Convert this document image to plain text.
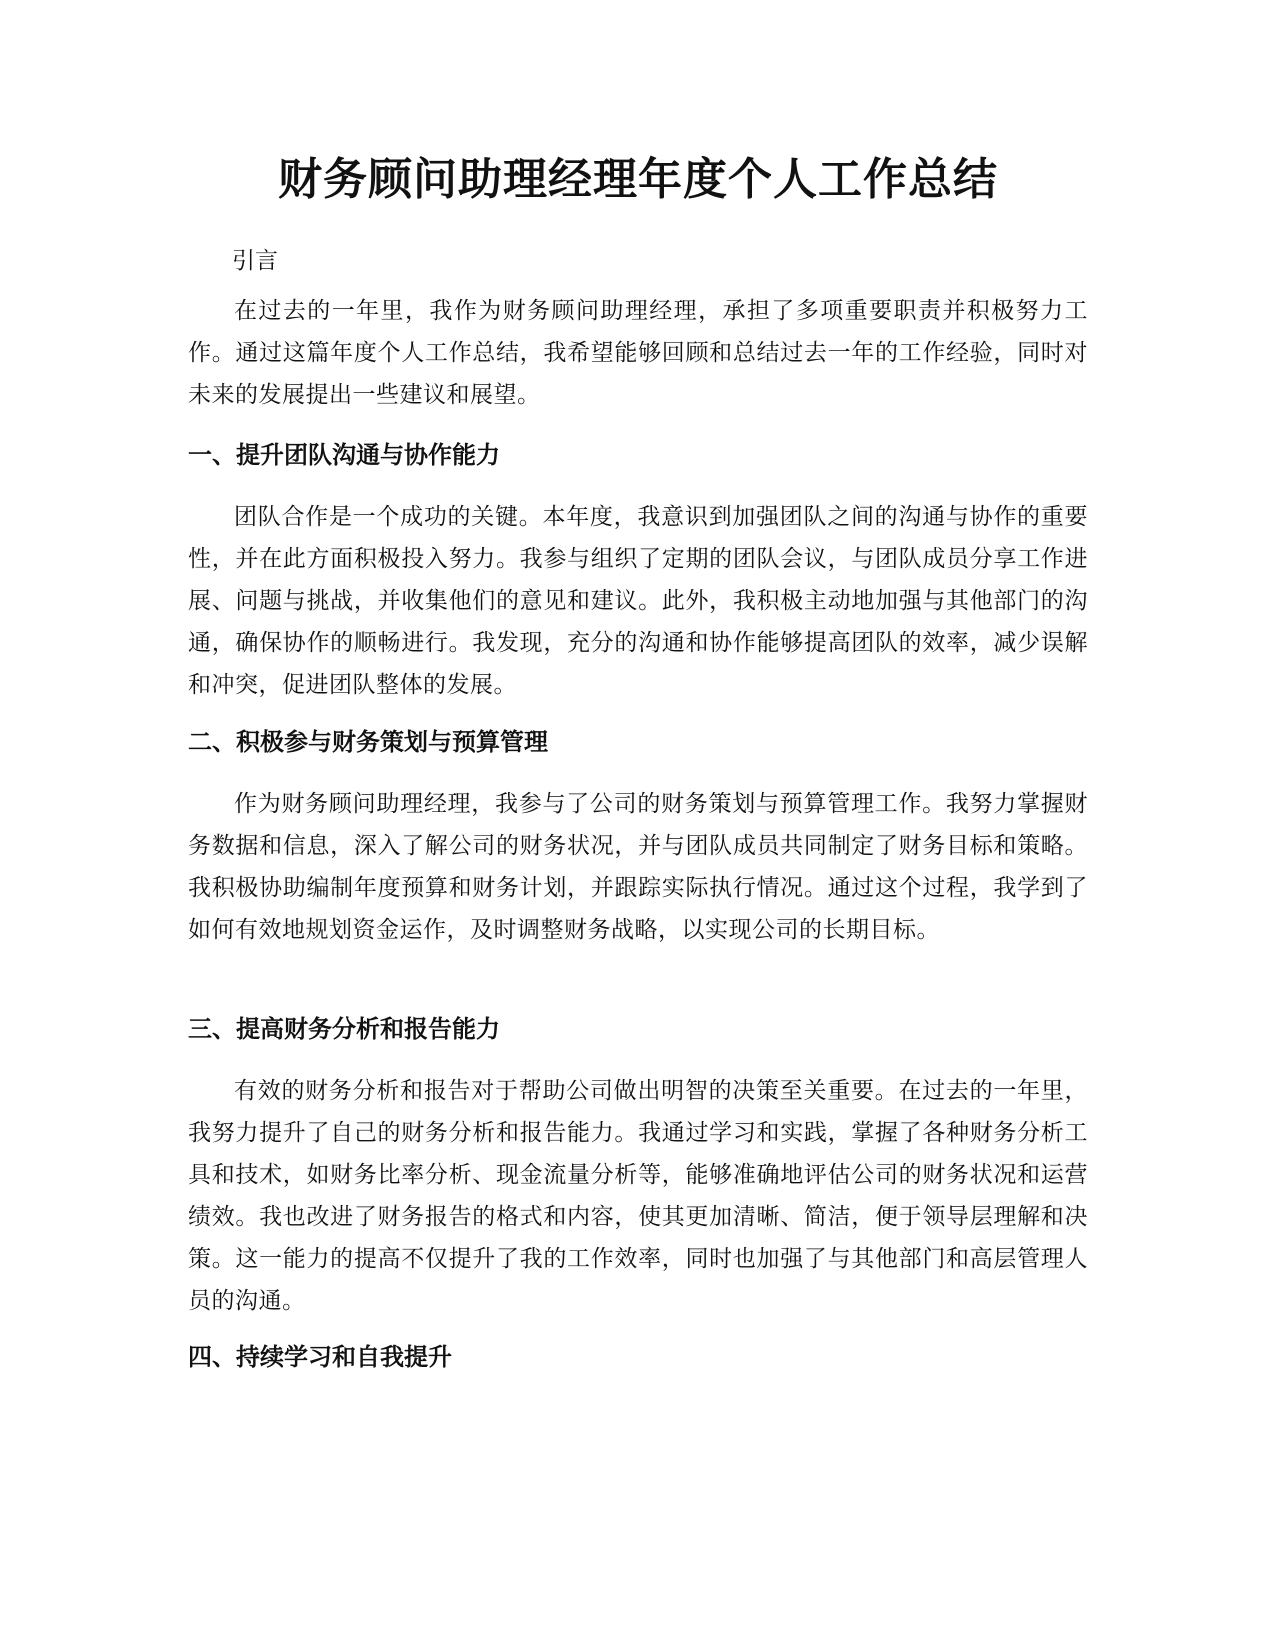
财务顾问助理经理年度个人工作总结

引言

在过去的一年里，我作为财务顾问助理经理，承担了多项重要职责并积极努力工作。通过这篇年度个人工作总结，我希望能够回顾和总结过去一年的工作经验，同时对未来的发展提出一些建议和展望。

一、提升团队沟通与协作能力

团队合作是一个成功的关键。本年度，我意识到加强团队之间的沟通与协作的重要性，并在此方面积极投入努力。我参与组织了定期的团队会议，与团队成员分享工作进展、问题与挑战，并收集他们的意见和建议。此外，我积极主动地加强与其他部门的沟通，确保协作的顺畅进行。我发现，充分的沟通和协作能够提高团队的效率，减少误解和冲突，促进团队整体的发展。

二、积极参与财务策划与预算管理

作为财务顾问助理经理，我参与了公司的财务策划与预算管理工作。我努力掌握财务数据和信息，深入了解公司的财务状况，并与团队成员共同制定了财务目标和策略。我积极协助编制年度预算和财务计划，并跟踪实际执行情况。通过这个过程，我学到了如何有效地规划资金运作，及时调整财务战略，以实现公司的长期目标。

三、提高财务分析和报告能力

有效的财务分析和报告对于帮助公司做出明智的决策至关重要。在过去的一年里，我努力提升了自己的财务分析和报告能力。我通过学习和实践，掌握了各种财务分析工具和技术，如财务比率分析、现金流量分析等，能够准确地评估公司的财务状况和运营绩效。我也改进了财务报告的格式和内容，使其更加清晰、简洁，便于领导层理解和决策。这一能力的提高不仅提升了我的工作效率，同时也加强了与其他部门和高层管理人员的沟通。

四、持续学习和自我提升
